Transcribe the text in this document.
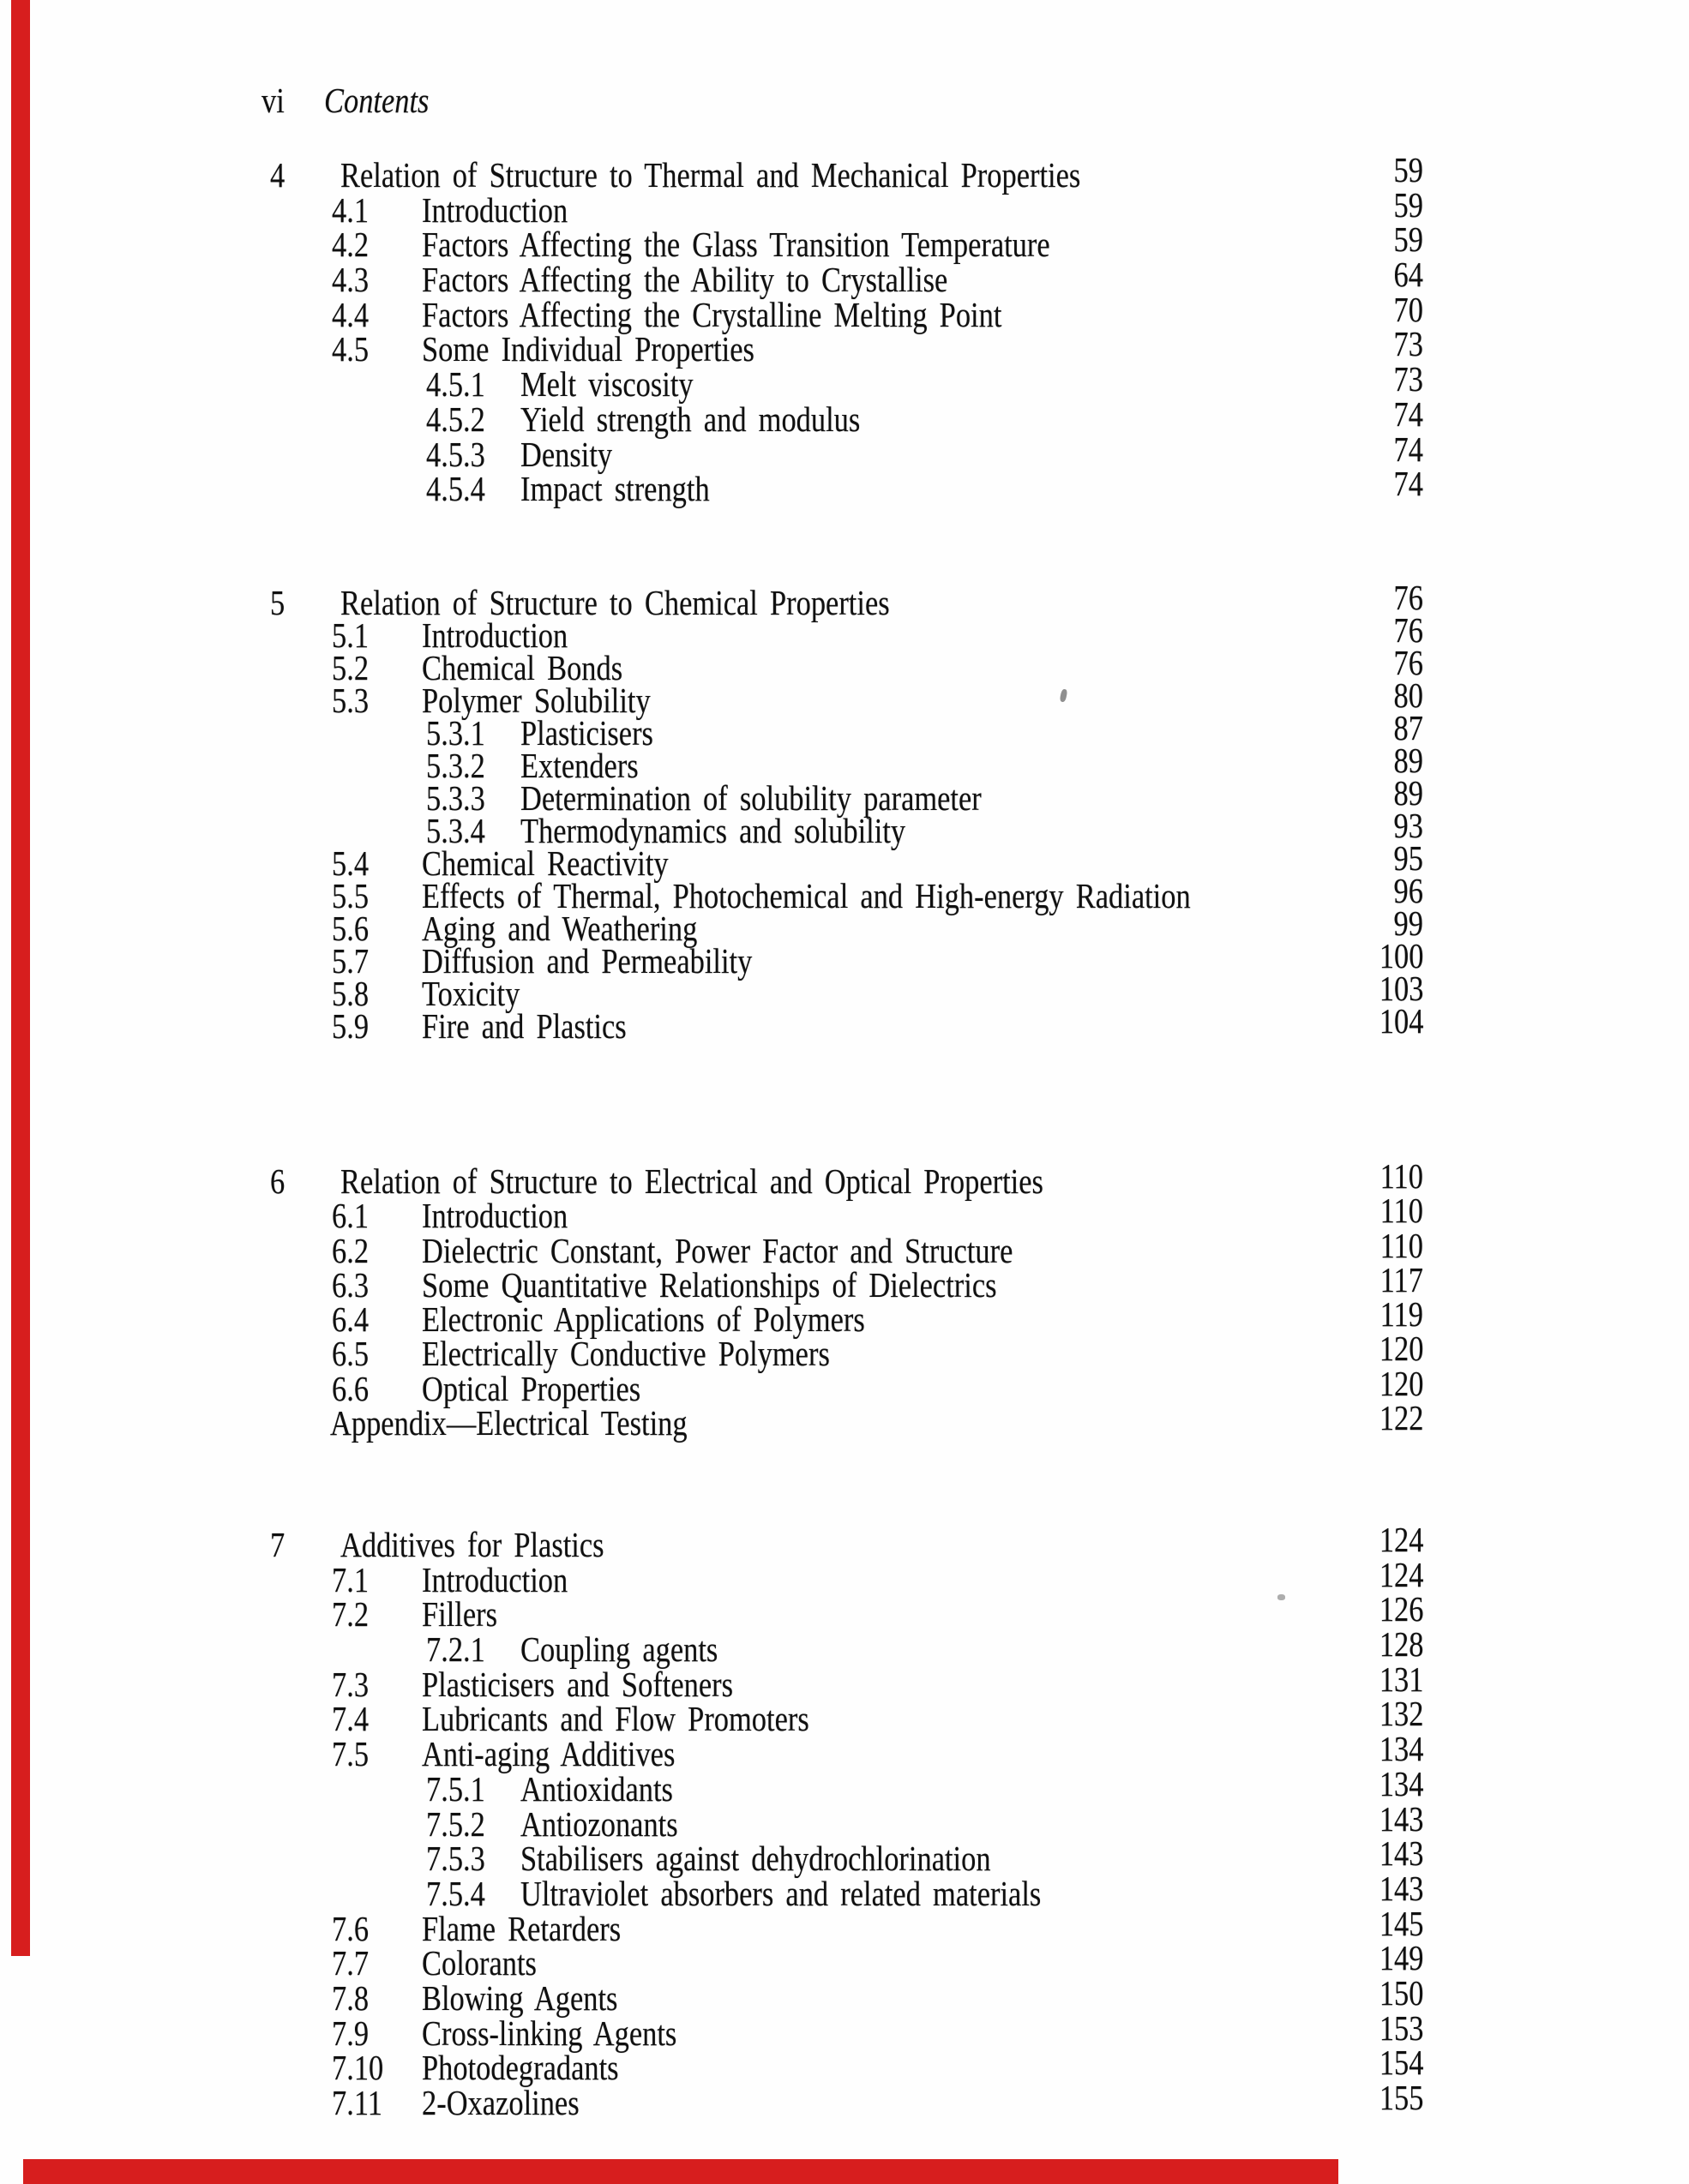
vi Contents
4 Relation of Structure to Thermal and Mechanical Properties	59
4.1 Introduction	59
4.2 Factors Affecting the Glass Transition Temperature	59
4.3 Factors Affecting the Ability to Crystallise	64
4.4 Factors Affecting the Crystalline Melting Point	70
4.5 Some Individual Properties	73
4.5.1	Melt viscosity	73
4.5.2	Yield strength and modulus	74
4.5.3	Density	74
4.5.4	Impact strength	74
5 Relation of Structure to Chemical Properties	76
5.1 Introduction	76
5.2 Chemical Bonds	76
5.3 Polymer Solubility	80
5.3.1	Plasticisers	87
5.3.2	Extenders	89
5.3.3	Determination of solubility parameter	89
5.3.4	Thermodynamics and solubility	93
5.4 Chemical Reactivity	95
5.5 Effects of Thermal, Photochemical and High-energy Radiation	96
5.6 Aging and Weathering	99
5.7 Diffusion and Permeability	100
5.8 Toxicity	103
5.9 Fire and Plastics	104
6 Relation of Structure to Electrical and Optical Properties	110
6.1 Introduction	110
6.2 Dielectric Constant, Power Factor and Structure	110
6.3 Some Quantitative Relationships of Dielectrics	117
6.4 Electronic Applications of Polymers	119
6.5 Electrically Conductive Polymers	120
6.6 Optical Properties	120
Appendix—Electrical Testing	122
7 Additives for Plastics	124
7.1 Introduction	124
7.2 Fillers	126
7.2.1	Coupling agents	128
7.3 Plasticisers and Softeners	131
7.4 Lubricants and Flow Promoters	132
7.5 Anti-aging Additives	134
7.5.1	Antioxidants	134
7.5.2	Antiozonants	143
7.5.3	Stabilisers against dehydrochlorination	143
7.5.4	Ultraviolet absorbers and related materials	143
7.6 Flame Retarders	145
7.7 Colorants	149
7.8 Blowing Agents	150
7.9 Cross-linking Agents	153
7.10 Photodegradants	154
7.11 2-Oxazolines	155
